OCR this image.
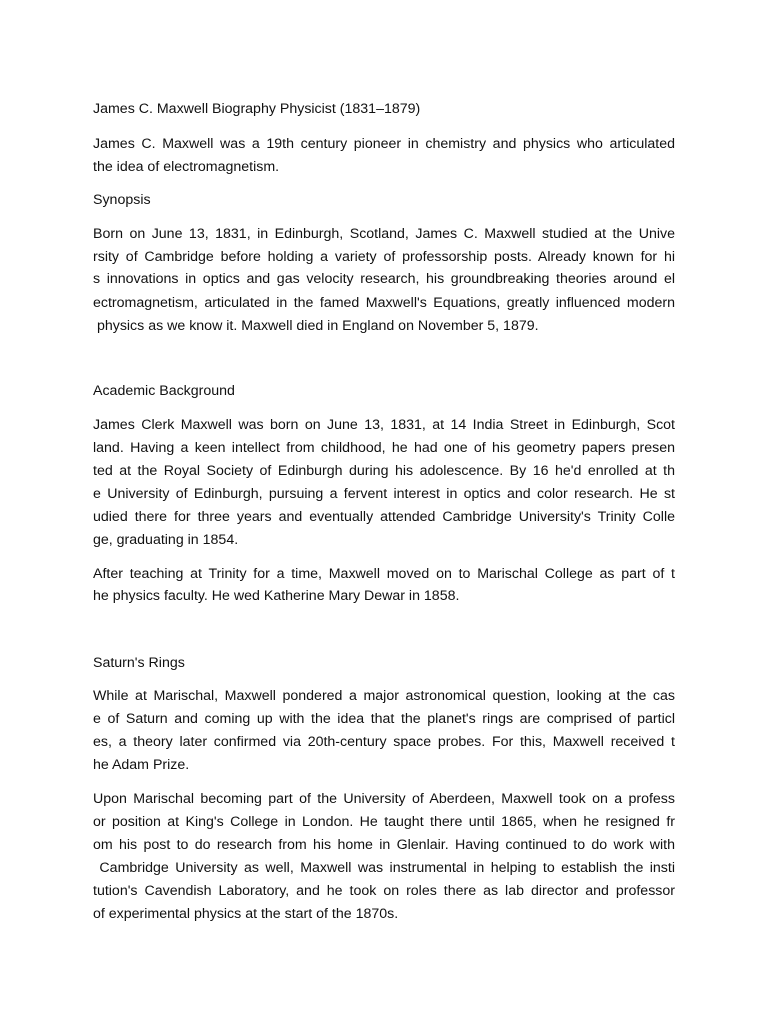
James C. Maxwell Biography Physicist (1831–1879)

James C. Maxwell was a 19th century pioneer in chemistry and physics who articulated

the idea of electromagnetism.

Synopsis

Born on June 13, 1831, in Edinburgh, Scotland, James C. Maxwell studied at the Unive

rsity of Cambridge before holding a variety of professorship posts. Already known for hi

s innovations in optics and gas velocity research, his groundbreaking theories around el

ectromagnetism, articulated in the famed Maxwell's Equations, greatly influenced modern

physics as we know it. Maxwell died in England on November 5, 1879.

Academic Background

James Clerk Maxwell was born on June 13, 1831, at 14 India Street in Edinburgh, Scot

land. Having a keen intellect from childhood, he had one of his geometry papers presen

ted at the Royal Society of Edinburgh during his adolescence. By 16 he'd enrolled at th

e University of Edinburgh, pursuing a fervent interest in optics and color research. He st

udied there for three years and eventually attended Cambridge University's Trinity Colle

ge, graduating in 1854.

After teaching at Trinity for a time, Maxwell moved on to Marischal College as part of t

he physics faculty. He wed Katherine Mary Dewar in 1858.

Saturn's Rings

While at Marischal, Maxwell pondered a major astronomical question, looking at the cas

e of Saturn and coming up with the idea that the planet's rings are comprised of particl

es, a theory later confirmed via 20th-century space probes. For this, Maxwell received t

he Adam Prize.

Upon Marischal becoming part of the University of Aberdeen, Maxwell took on a profess

or position at King's College in London. He taught there until 1865, when he resigned fr

om his post to do research from his home in Glenlair. Having continued to do work with

Cambridge University as well, Maxwell was instrumental in helping to establish the insti

tution's Cavendish Laboratory, and he took on roles there as lab director and professor

of experimental physics at the start of the 1870s.
